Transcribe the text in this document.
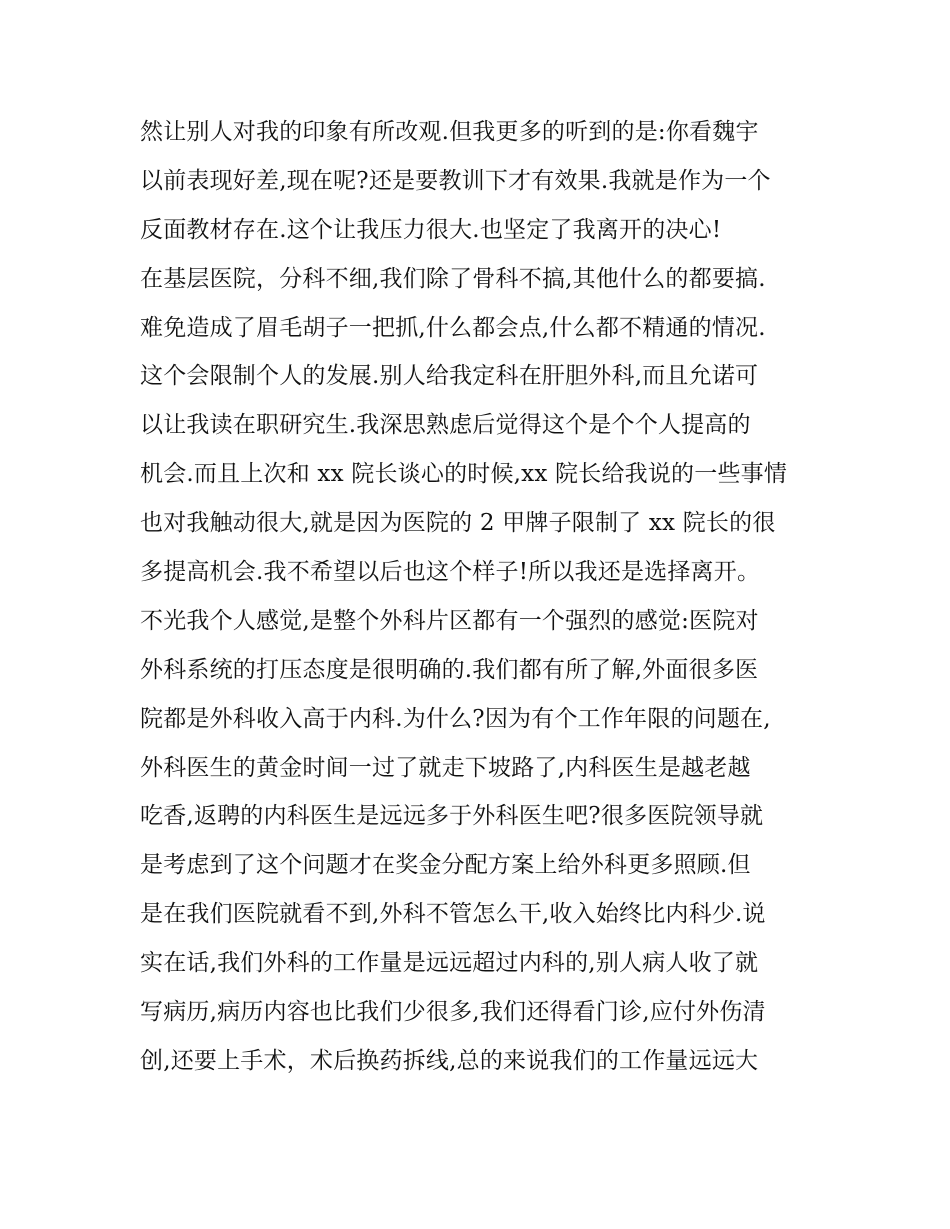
然让别人对我的印象有所改观.但我更多的听到的是:你看魏宇
以前表现好差,现在呢?还是要教训下才有效果.我就是作为一个
反面教材存在.这个让我压力很大.也坚定了我离开的决心!
在基层医院，分科不细,我们除了骨科不搞,其他什么的都要搞.
难免造成了眉毛胡子一把抓,什么都会点,什么都不精通的情况.
这个会限制个人的发展.别人给我定科在肝胆外科,而且允诺可
以让我读在职研究生.我深思熟虑后觉得这个是个个人提高的
机会.而且上次和 xx 院长谈心的时候,xx 院长给我说的一些事情
也对我触动很大,就是因为医院的 2 甲牌子限制了 xx 院长的很
多提高机会.我不希望以后也这个样子!所以我还是选择离开。
不光我个人感觉,是整个外科片区都有一个强烈的感觉:医院对
外科系统的打压态度是很明确的.我们都有所了解,外面很多医
院都是外科收入高于内科.为什么?因为有个工作年限的问题在,
外科医生的黄金时间一过了就走下坡路了,内科医生是越老越
吃香,返聘的内科医生是远远多于外科医生吧?很多医院领导就
是考虑到了这个问题才在奖金分配方案上给外科更多照顾.但
是在我们医院就看不到,外科不管怎么干,收入始终比内科少.说
实在话,我们外科的工作量是远远超过内科的,别人病人收了就
写病历,病历内容也比我们少很多,我们还得看门诊,应付外伤清
创,还要上手术，术后换药拆线,总的来说我们的工作量远远大
